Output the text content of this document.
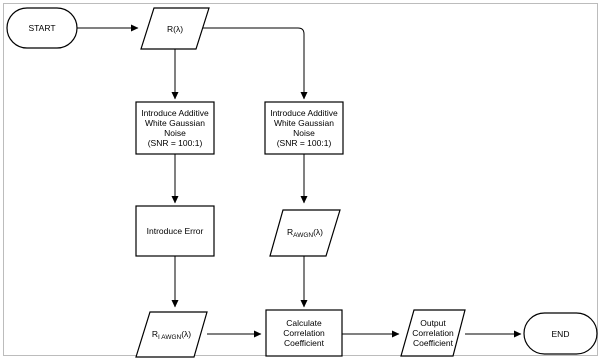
START	R(λ)
Introduce Additive
White Gaussian
Noise
(SNR = 100:1)
Introduce Additive
White Gaussian
Noise
(SNR = 100:1)
Introduce Error	$R_{AWGN}(\lambda)$
$R_{I AWGN}(\lambda)$
Calculate
Correlation
Coefficient
Output
Correlation
Coefficient
END
